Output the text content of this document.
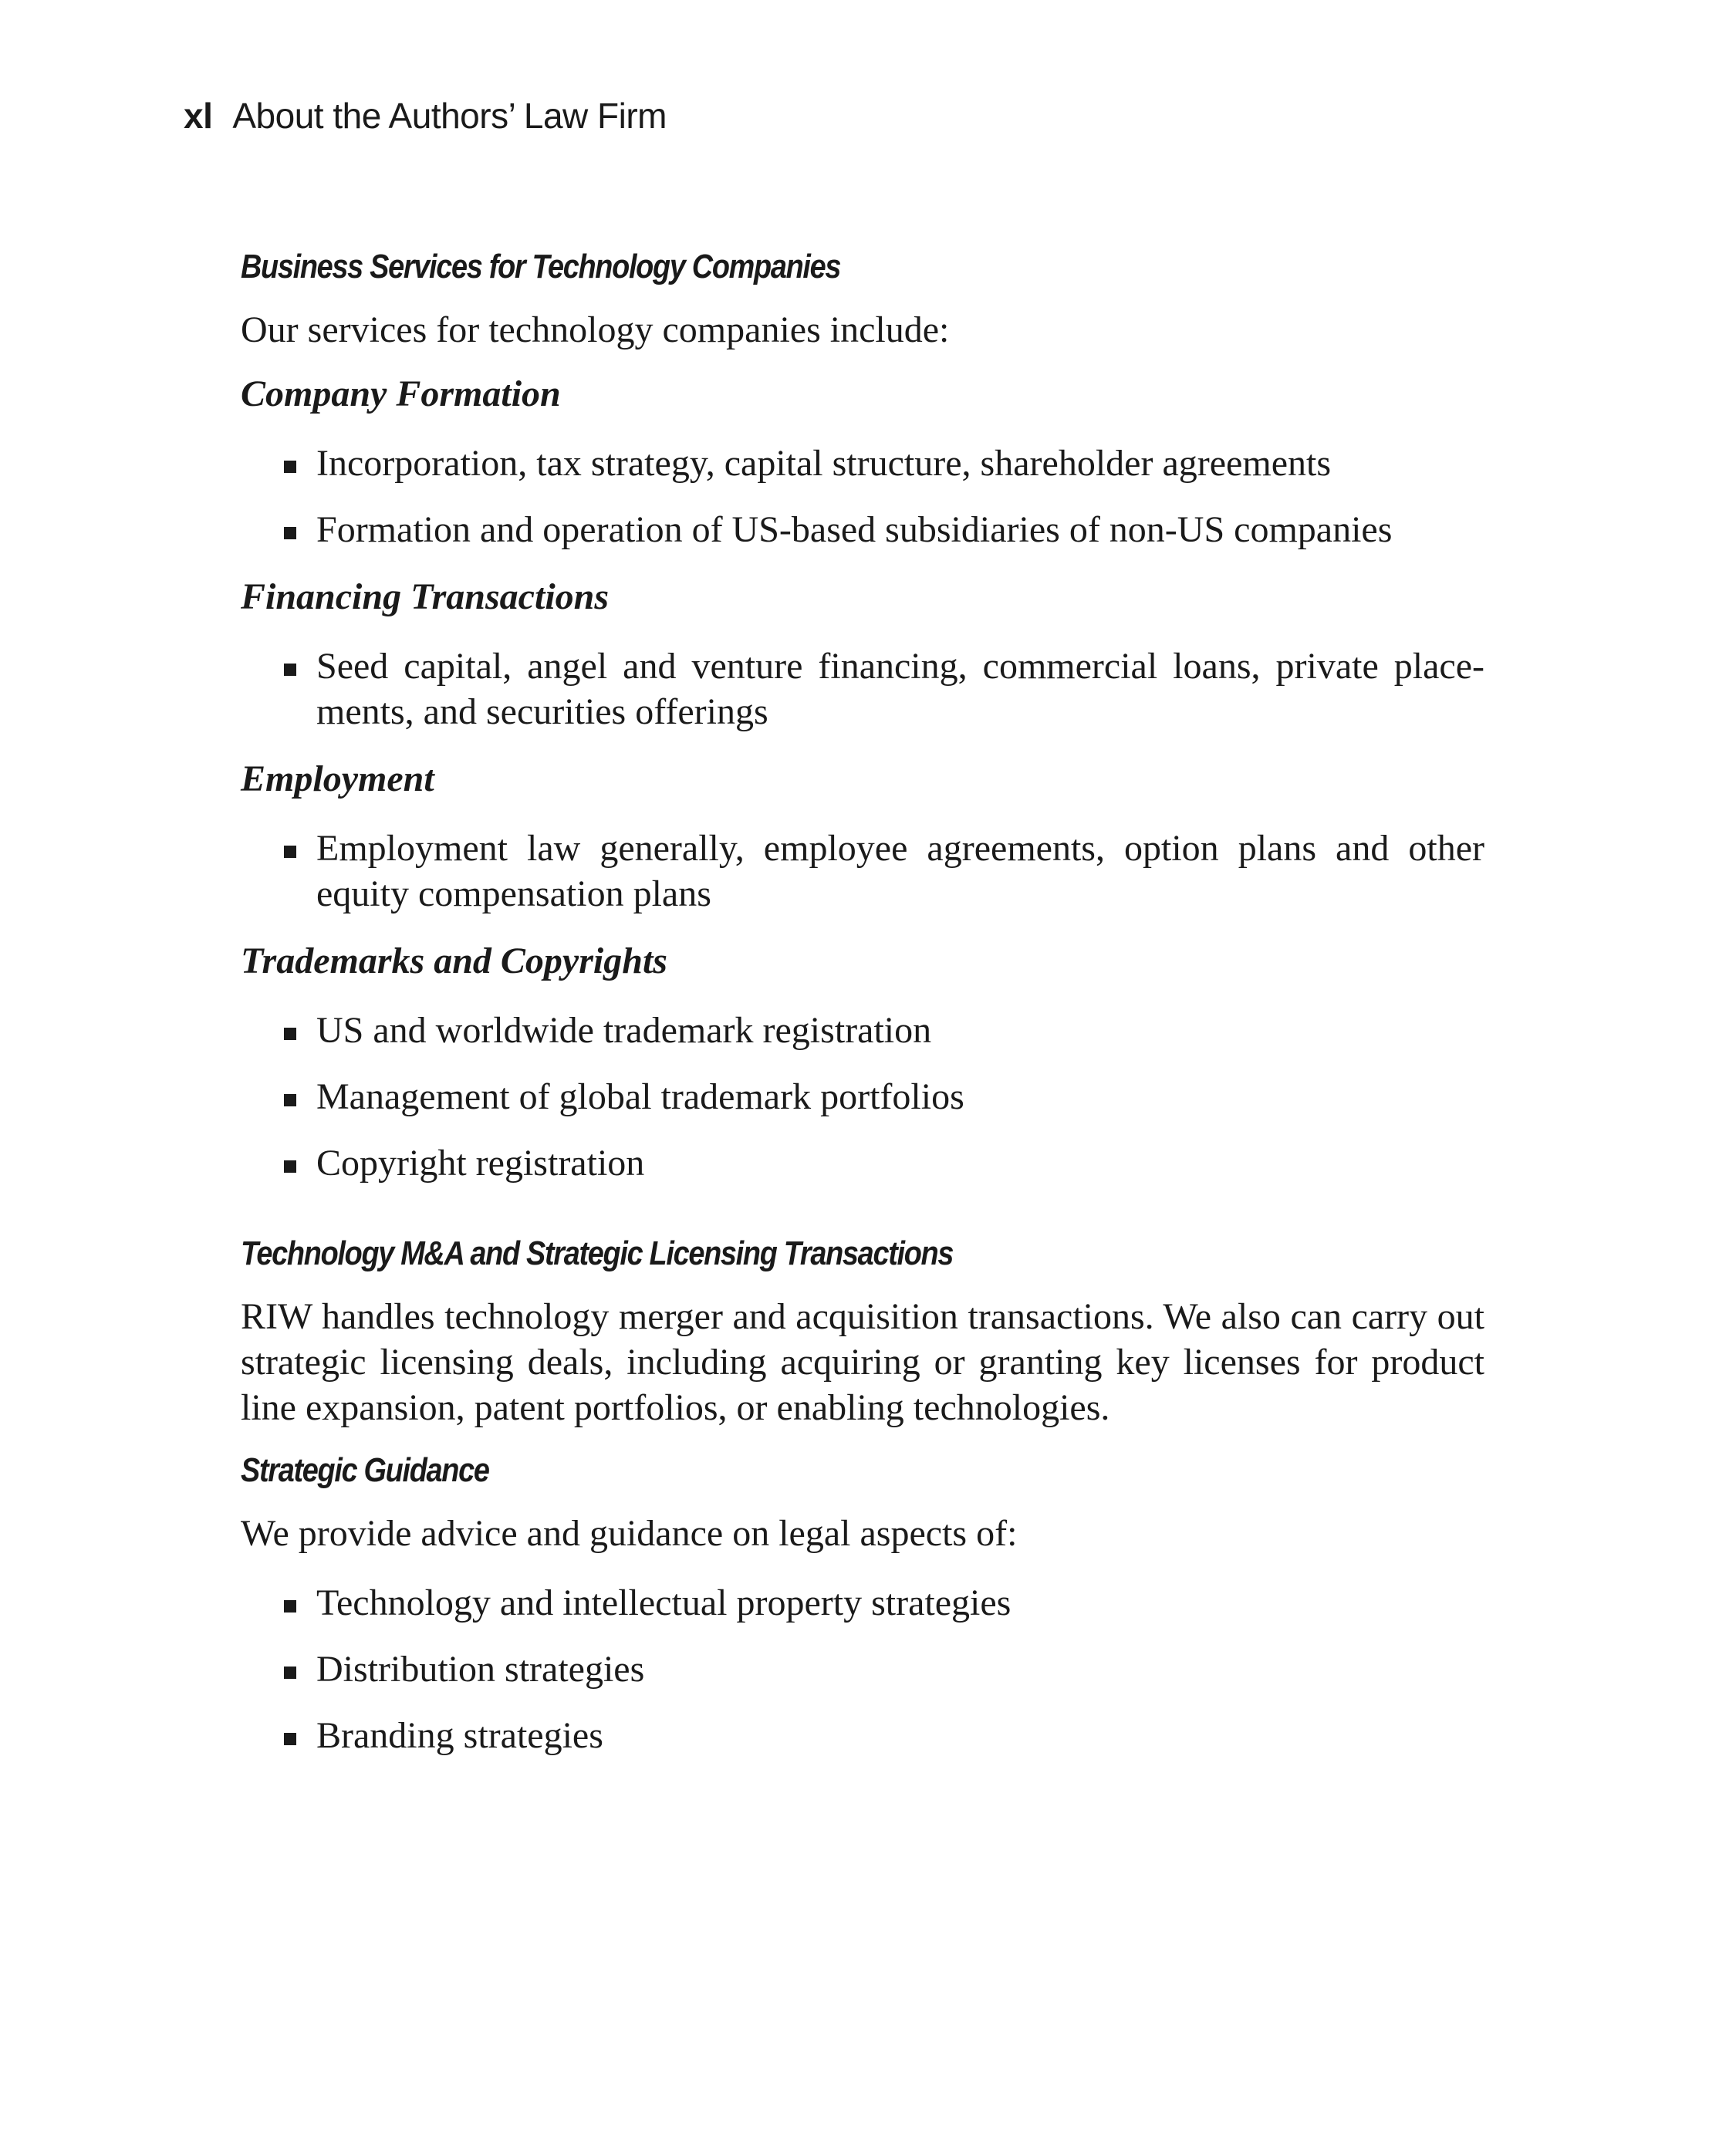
xl About the Authors’ Law Firm
Business Services for Technology Companies

Our services for technology companies include:

Company Formation
Incorporation, tax strategy, capital structure, shareholder agreements
Formation and operation of US-based subsidiaries of non-US companies
Financing Transactions
Seed capital, angel and venture financing, commercial loans, private place-ments, and securities offerings
Employment
Employment law generally, employee agreements, option plans and other equity compensation plans
Trademarks and Copyrights
US and worldwide trademark registration
Management of global trademark portfolios
Copyright registration
Technology M&A and Strategic Licensing Transactions

RIW handles technology merger and acquisition transactions. We also can carry out strategic licensing deals, including acquiring or granting key licenses for product line expansion, patent portfolios, or enabling technologies.

Strategic Guidance

We provide advice and guidance on legal aspects of:

Technology and intellectual property strategies
Distribution strategies
Branding strategies
